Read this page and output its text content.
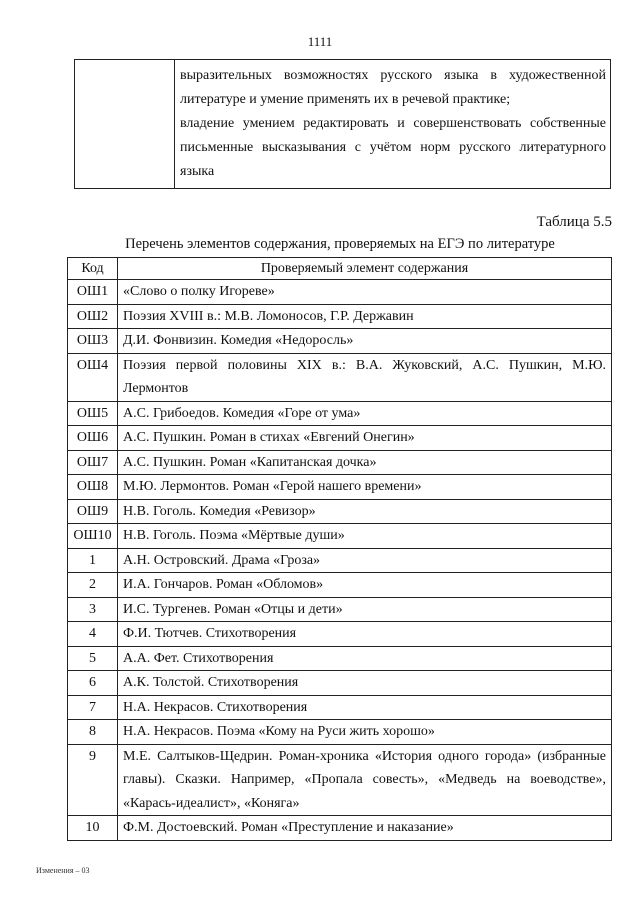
1111

выразительных возможностях русского языка в художественной литературе и умение применять их в речевой практике;

владение умением редактировать и совершенствовать собственные письменные высказывания с учётом норм русского литературного языка

Таблица 5.5
Перечень элементов содержания, проверяемых на ЕГЭ по литературе
Код	Проверяемый элемент содержания
ОШ1	«Слово о полку Игореве»
ОШ2	Поэзия XVIII в.: М.В. Ломоносов, Г.Р. Державин
ОШ3	Д.И. Фонвизин. Комедия «Недоросль»
ОШ4	Поэзия первой половины XIX в.: В.А. Жуковский, А.С. Пушкин, М.Ю. Лермонтов
ОШ5	А.С. Грибоедов. Комедия «Горе от ума»
ОШ6	А.С. Пушкин. Роман в стихах «Евгений Онегин»
ОШ7	А.С. Пушкин. Роман «Капитанская дочка»
ОШ8	М.Ю. Лермонтов. Роман «Герой нашего времени»
ОШ9	Н.В. Гоголь. Комедия «Ревизор»
ОШ10	Н.В. Гоголь. Поэма «Мёртвые души»
1	А.Н. Островский. Драма «Гроза»
2	И.А. Гончаров. Роман «Обломов»
3	И.С. Тургенев. Роман «Отцы и дети»
4	Ф.И. Тютчев. Стихотворения
5	А.А. Фет. Стихотворения
6	А.К. Толстой. Стихотворения
7	Н.А. Некрасов. Стихотворения
8	Н.А. Некрасов. Поэма «Кому на Руси жить хорошо»
9	М.Е. Салтыков-Щедрин. Роман-хроника «История одного города» (избранные главы). Сказки. Например, «Пропала совесть», «Медведь на воеводстве», «Карась-идеалист», «Коняга»
10	Ф.М. Достоевский. Роман «Преступление и наказание»
Изменения – 03
